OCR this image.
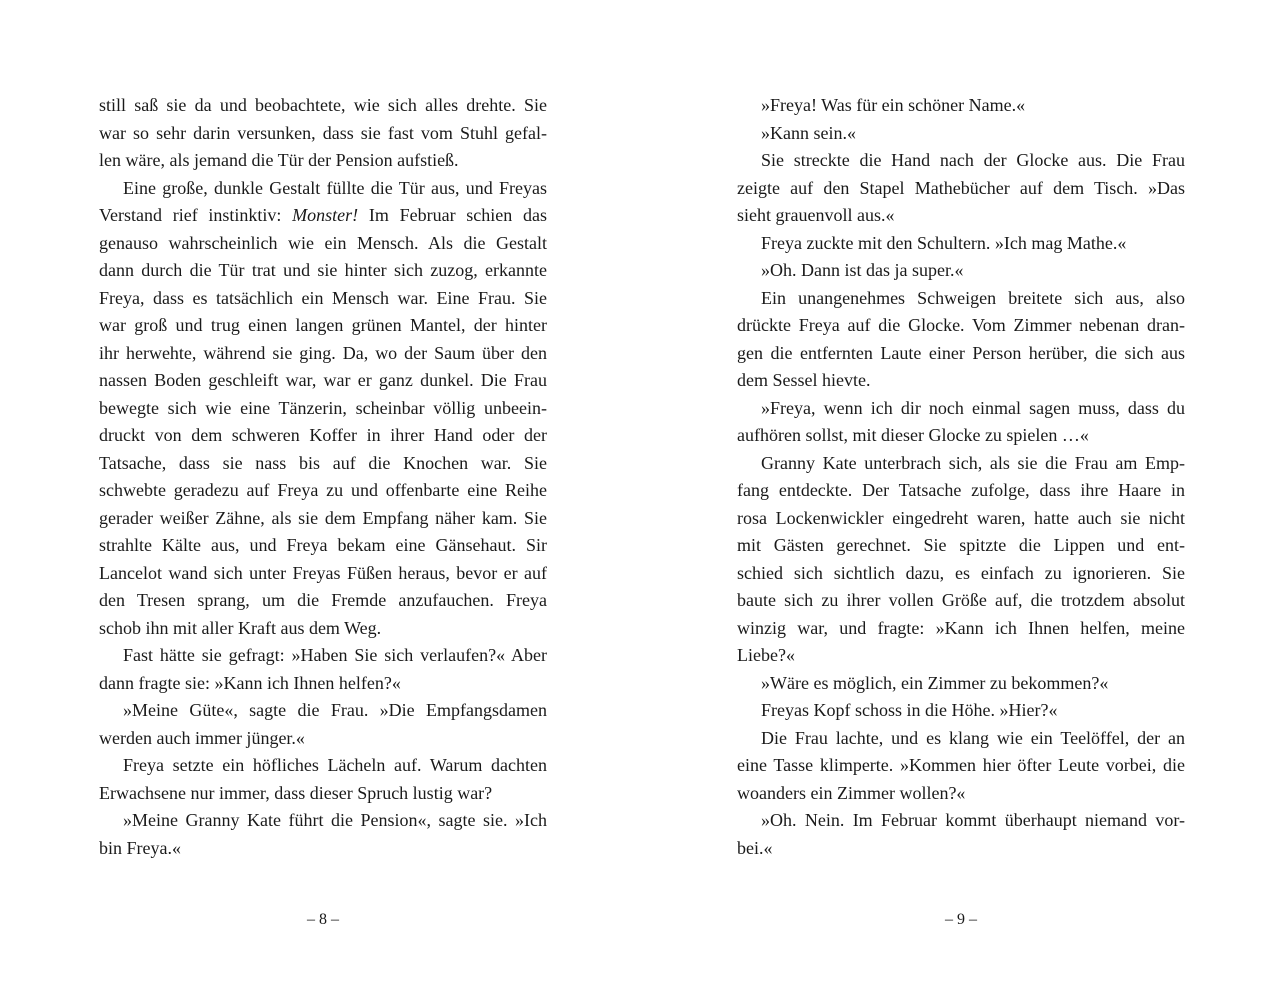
still saß sie da und beobachtete, wie sich alles drehte. Sie
war so sehr darin versunken, dass sie fast vom Stuhl gefal-
len wäre, als jemand die Tür der Pension aufstieß.
Eine große, dunkle Gestalt füllte die Tür aus, und Freyas
Verstand rief instinktiv: Monster! Im Februar schien das
genauso wahrscheinlich wie ein Mensch. Als die Gestalt
dann durch die Tür trat und sie hinter sich zuzog, erkannte
Freya, dass es tatsächlich ein Mensch war. Eine Frau. Sie
war groß und trug einen langen grünen Mantel, der hinter
ihr herwehte, während sie ging. Da, wo der Saum über den
nassen Boden geschleift war, war er ganz dunkel. Die Frau
bewegte sich wie eine Tänzerin, scheinbar völlig unbeein-
druckt von dem schweren Koffer in ihrer Hand oder der
Tatsache, dass sie nass bis auf die Knochen war. Sie
schwebte geradezu auf Freya zu und offenbarte eine Reihe
gerader weißer Zähne, als sie dem Empfang näher kam. Sie
strahlte Kälte aus, und Freya bekam eine Gänsehaut. Sir
Lancelot wand sich unter Freyas Füßen heraus, bevor er auf
den Tresen sprang, um die Fremde anzufauchen. Freya
schob ihn mit aller Kraft aus dem Weg.
Fast hätte sie gefragt: »Haben Sie sich verlaufen?« Aber
dann fragte sie: »Kann ich Ihnen helfen?«
»Meine Güte«, sagte die Frau. »Die Empfangsdamen
werden auch immer jünger.«
Freya setzte ein höfliches Lächeln auf. Warum dachten
Erwachsene nur immer, dass dieser Spruch lustig war?
»Meine Granny Kate führt die Pension«, sagte sie. »Ich
bin Freya.«
– 8 –
»Freya! Was für ein schöner Name.«
»Kann sein.«
Sie streckte die Hand nach der Glocke aus. Die Frau
zeigte auf den Stapel Mathebücher auf dem Tisch. »Das
sieht grauenvoll aus.«
Freya zuckte mit den Schultern. »Ich mag Mathe.«
»Oh. Dann ist das ja super.«
Ein unangenehmes Schweigen breitete sich aus, also
drückte Freya auf die Glocke. Vom Zimmer nebenan dran-
gen die entfernten Laute einer Person herüber, die sich aus
dem Sessel hievte.
»Freya, wenn ich dir noch einmal sagen muss, dass du
aufhören sollst, mit dieser Glocke zu spielen …«
Granny Kate unterbrach sich, als sie die Frau am Emp-
fang entdeckte. Der Tatsache zufolge, dass ihre Haare in
rosa Lockenwickler eingedreht waren, hatte auch sie nicht
mit Gästen gerechnet. Sie spitzte die Lippen und ent-
schied sich sichtlich dazu, es einfach zu ignorieren. Sie
baute sich zu ihrer vollen Größe auf, die trotzdem absolut
winzig war, und fragte: »Kann ich Ihnen helfen, meine
Liebe?«
»Wäre es möglich, ein Zimmer zu bekommen?«
Freyas Kopf schoss in die Höhe. »Hier?«
Die Frau lachte, und es klang wie ein Teelöffel, der an
eine Tasse klimperte. »Kommen hier öfter Leute vorbei, die
woanders ein Zimmer wollen?«
»Oh. Nein. Im Februar kommt überhaupt niemand vor-
bei.«
– 9 –
